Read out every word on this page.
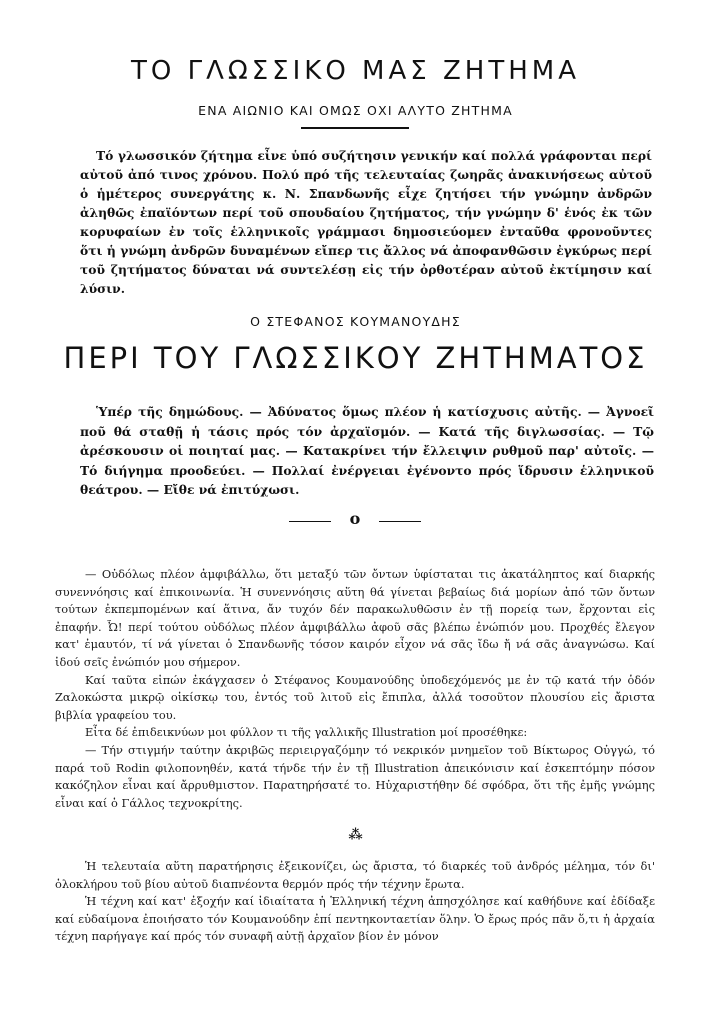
ΤΟ ΓΛΩΣΣΙΚΟ ΜΑΣ ΖΗΤΗΜΑ
ΕΝΑ ΑΙΩΝΙΟ ΚΑΙ ΟΜΩΣ ΟΧΙ ΑΛΥΤΟ ΖΗΤΗΜΑ

Τό γλωσσικόν ζήτημα εἶνε ὑπό συζήτησιν γενικήν καί πολλά γράφονται περί αὐτοῦ ἀπό τινος χρόνου. Πολύ πρό τῆς τελευταίας ζωηρᾶς ἀνακινήσεως αὐτοῦ ὁ ἡμέτερος συνεργάτης κ. Ν. Σπανδωνῆς εἶχε ζητήσει τήν γνώμην ἀνδρῶν ἀληθῶς ἐπαϊόντων περί τοῦ σπουδαίου ζητήματος, τήν γνώμην δ' ἑνός ἐκ τῶν κορυφαίων ἐν τοῖς ἑλληνικοῖς γράμμασι δημοσιεύομεν ἐνταῦθα φρονοῦντες ὅτι ἡ γνώμη ἀνδρῶν δυναμένων εἴπερ τις ἄλλος νά ἀποφανθῶσιν ἐγκύρως περί τοῦ ζητήματος δύναται νά συντελέσῃ εἰς τήν ὀρθοτέραν αὐτοῦ ἐκτίμησιν καί λύσιν.

Ο ΣΤΕΦΑΝΟΣ ΚΟΥΜΑΝΟΥΔΗΣ
ΠΕΡΙ ΤΟΥ ΓΛΩΣΣΙΚΟΥ ΖΗΤΗΜΑΤΟΣ

Ὑπέρ τῆς δημώδους. — Ἀδύνατος ὅμως πλέον ἡ κατίσχυσις αὐτῆς. — Ἀγνοεῖ ποῦ θά σταθῇ ἡ τάσις πρός τόν ἀρχαϊσμόν. — Κατά τῆς διγλωσσίας. — Τῷ ἀρέσκουσιν οἱ ποιηταί μας. — Κατακρίνει τήν ἔλλειψιν ρυθμοῦ παρ' αὐτοῖς. — Τό διήγημα προοδεύει. — Πολλαί ἐνέργειαι ἐγένοντο πρός ἵδρυσιν ἑλληνικοῦ θεάτρου. — Εἴθε νά ἐπιτύχωσι.

o

— Οὐδόλως πλέον ἀμφιβάλλω, ὅτι μεταξύ τῶν ὄντων ὑφίσταται τις ἀκατάληπτος καί διαρκής συνεννόησις καί ἐπικοινωνία. Ἡ συνεννόησις αὕτη θά γίνεται βεβαίως διά μορίων ἀπό τῶν ὄντων τούτων ἐκπεμπομένων καί ἅτινα, ἄν τυχόν δέν παρακωλυθῶσιν ἐν τῇ πορείᾳ των, ἔρχονται εἰς ἐπαφήν. Ὦ! περί τούτου οὐδόλως πλέον ἀμφιβάλλω ἀφοῦ σᾶς βλέπω ἐνώπιόν μου. Προχθές ἔλεγον κατ' ἐμαυτόν, τί νά γίνεται ὁ Σπανδωνῆς τόσον καιρόν εἶχον νά σᾶς ἴδω ἤ νά σᾶς ἀναγνώσω. Καί ἰδού σεῖς ἐνώπιόν μου σήμερον.

Καί ταῦτα εἰπών ἐκάγχασεν ὁ Στέφανος Κουμανούδης ὑποδεχόμενός με ἐν τῷ κατά τήν ὁδόν Ζαλοκώστα μικρῷ οἰκίσκῳ του, ἐντός τοῦ λιτοῦ εἰς ἔπιπλα, ἀλλά τοσοῦτον πλουσίου εἰς ἄριστα βιβλία γραφείου του.

Εἶτα δέ ἐπιδεικνύων μοι φύλλον τι τῆς γαλλικῆς Illustration μοί προσέθηκε:

— Τήν στιγμήν ταύτην ἀκριβῶς περιειργαζόμην τό νεκρικόν μνημεῖον τοῦ Βίκτωρος Οὐγγώ, τό παρά τοῦ Rodin φιλοπονηθέν, κατά τήνδε τήν ἐν τῇ Illustration ἀπεικόνισιν καί ἐσκεπτόμην πόσον κακόζηλον εἶναι καί ἄρρυθμιστον. Παρατηρήσατέ το. Ηὐχαριστήθην δέ σφόδρα, ὅτι τῆς ἐμῆς γνώμης εἶναι καί ὁ Γάλλος τεχνοκρίτης.

⁂

Ἡ τελευταία αὕτη παρατήρησις ἐξεικονίζει, ὡς ἄριστα, τό διαρκές τοῦ ἀνδρός μέλημα, τόν δι' ὁλοκλήρου τοῦ βίου αὐτοῦ διαπνέοντα θερμόν πρός τήν τέχνην ἔρωτα.

Ἡ τέχνη καί κατ' ἐξοχήν καί ἰδιαίτατα ἡ Ἑλληνική τέχνη ἀπησχόλησε καί καθήδυνε καί ἐδίδαξε καί εὐδαίμονα ἐποιήσατο τόν Κουμανούδην ἐπί πεντηκονταετίαν ὅλην. Ὁ ἔρως πρός πᾶν ὅ,τι ἡ ἀρχαία τέχνη παρήγαγε καί πρός τόν συναφῆ αὐτῇ ἀρχαῖον βίον ἐν μόνον
